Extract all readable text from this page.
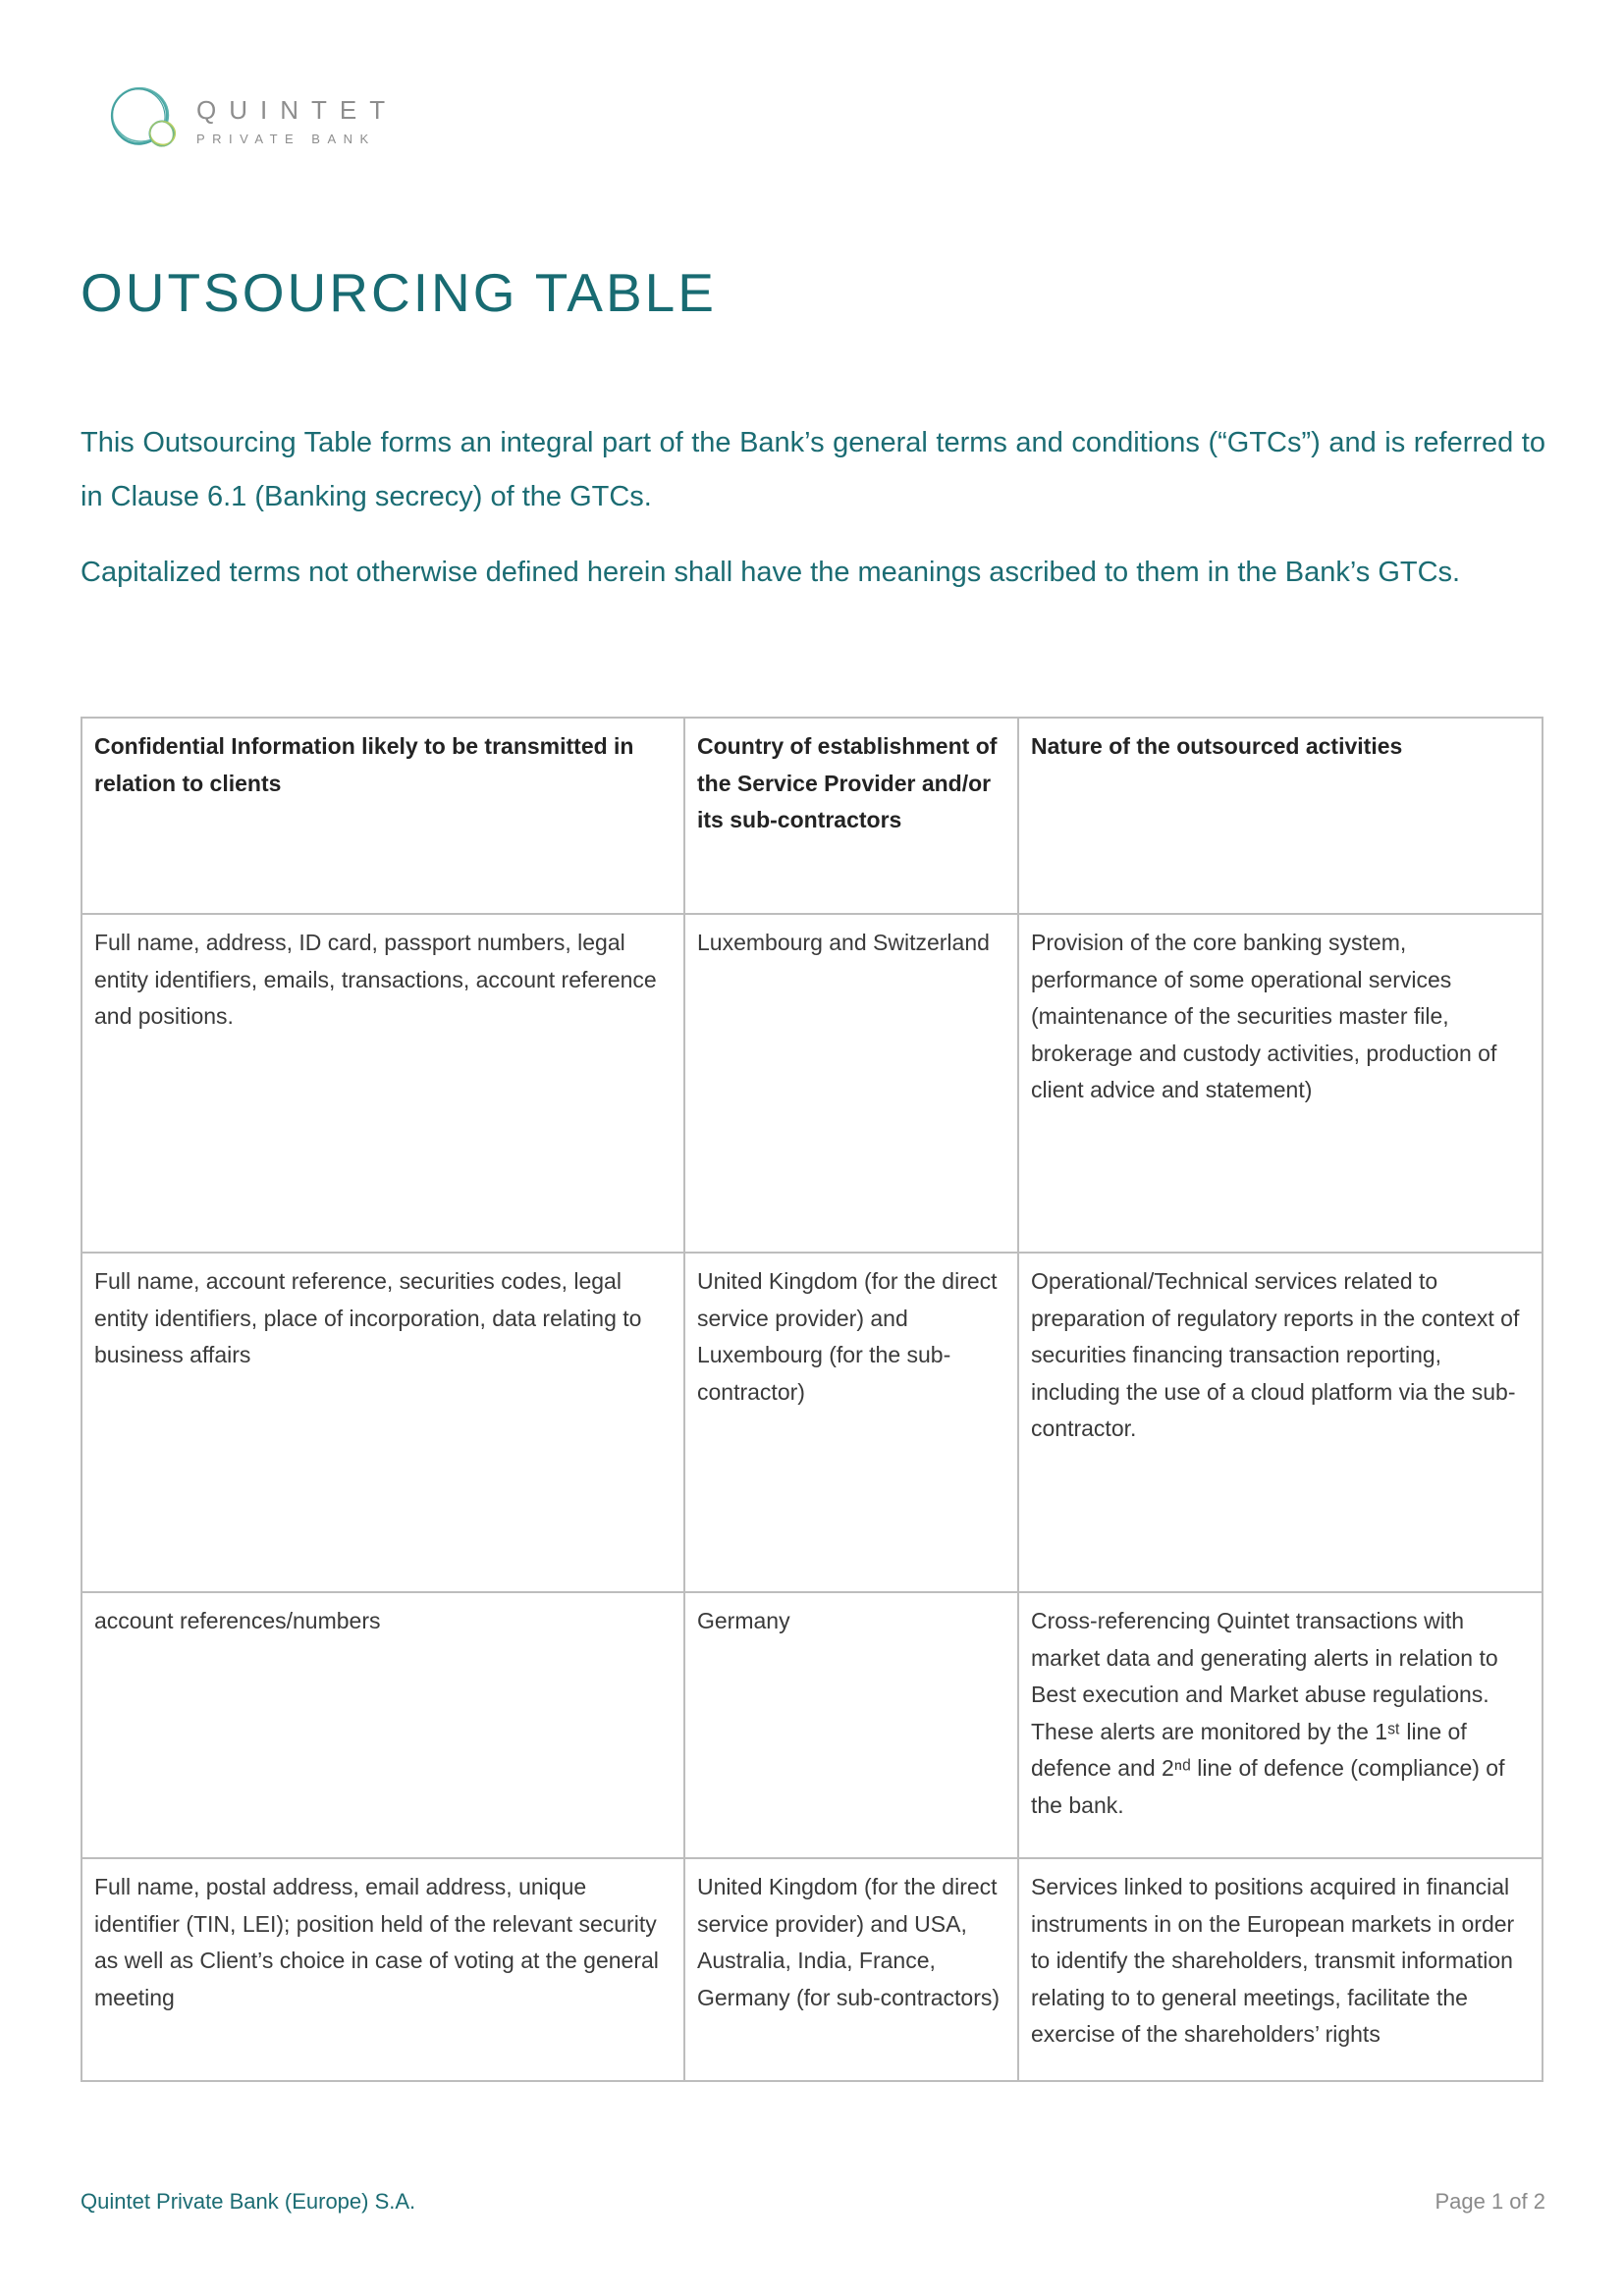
QUINTET
PRIVATE BANK
OUTSOURCING TABLE

This Outsourcing Table forms an integral part of the Bank’s general terms and conditions (“GTCs”) and is referred to in Clause 6.1 (Banking secrecy) of the GTCs.

Capitalized terms not otherwise defined herein shall have the meanings ascribed to them in the Bank’s GTCs.

Confidential Information likely to be transmitted in relation to clients	Country of establishment of the Service Provider and/or its sub-contractors	Nature of the outsourced activities
Full name, address, ID card, passport numbers, legal entity identifiers, emails, transactions, account reference and positions.	Luxembourg and Switzerland	Provision of the core banking system, performance of some operational services (maintenance of the securities master file, brokerage and custody activities, production of client advice and statement)
Full name, account reference, securities codes, legal entity identifiers, place of incorporation, data relating to business affairs	United Kingdom (for the direct service provider) and Luxembourg (for the sub-contractor)	Operational/Technical services related to preparation of regulatory reports in the context of securities financing transaction reporting, including the use of a cloud platform via the sub-contractor.
account references/numbers	Germany	Cross-referencing Quintet transactions with market data and generating alerts in relation to Best execution and Market abuse regulations. These alerts are monitored by the 1ˢᵗ line of defence and 2ⁿᵈ line of defence (compliance) of the bank.
Full name, postal address, email address, unique identifier (TIN, LEI); position held of the relevant security as well as Client’s choice in case of voting at the general meeting	United Kingdom (for the direct service provider) and USA, Australia, India, France, Germany (for sub-contractors)	Services linked to positions acquired in financial instruments in on the European markets in order to identify the shareholders, transmit information relating to to general meetings, facilitate the exercise of the shareholders’ rights
Quintet Private Bank (Europe) S.A.	Page 1 of 2
